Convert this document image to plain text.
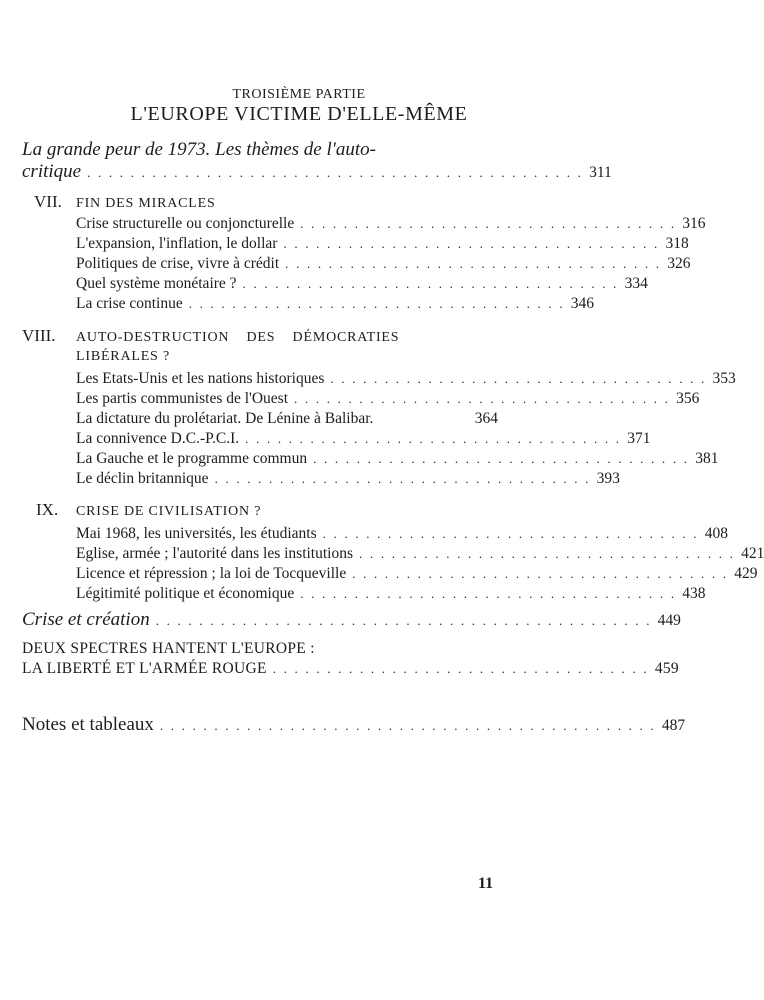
TROISIÈME PARTIE
L'EUROPE VICTIME D'ELLE-MÊME
La grande peur de 1973. Les thèmes de l'auto-
critique . . . . . . . . . . . . . . . . . . . . . . . . . . . . . . . . . . . . . . . . . . . . . . 311
VII. FIN DES MIRACLES
Crise structurelle ou conjoncturelle . . . . . . . . . . . . . . . . . . . . . . . . . . . . . . . . . . . 316
L'expansion, l'inflation, le dollar . . . . . . . . . . . . . . . . . . . . . . . . . . . . . . . . . . . 318
Politiques de crise, vivre à crédit . . . . . . . . . . . . . . . . . . . . . . . . . . . . . . . . . . . 326
Quel système monétaire ? . . . . . . . . . . . . . . . . . . . . . . . . . . . . . . . . . . . 334
La crise continue . . . . . . . . . . . . . . . . . . . . . . . . . . . . . . . . . . . 346
VIII. AUTO-DESTRUCTION    DES    DÉMOCRATIES
LIBÉRALES ?
Les Etats-Unis et les nations historiques . . . . . . . . . . . . . . . . . . . . . . . . . . . . . . . . . . . 353
Les partis communistes de l'Ouest . . . . . . . . . . . . . . . . . . . . . . . . . . . . . . . . . . . 356
La dictature du prolétariat. De Lénine à Balibar.	364
La connivence D.C.-P.C.I. . . . . . . . . . . . . . . . . . . . . . . . . . . . . . . . . . . . 371
La Gauche et le programme commun . . . . . . . . . . . . . . . . . . . . . . . . . . . . . . . . . . . 381
Le déclin britannique . . . . . . . . . . . . . . . . . . . . . . . . . . . . . . . . . . . 393
IX. CRISE DE CIVILISATION ?
Mai 1968, les universités, les étudiants . . . . . . . . . . . . . . . . . . . . . . . . . . . . . . . . . . . 408
Eglise, armée ; l'autorité dans les institutions . . . . . . . . . . . . . . . . . . . . . . . . . . . . . . . . . . . 421
Licence et répression ; la loi de Tocqueville . . . . . . . . . . . . . . . . . . . . . . . . . . . . . . . . . . . 429
Légitimité politique et économique . . . . . . . . . . . . . . . . . . . . . . . . . . . . . . . . . . . 438
Crise et création . . . . . . . . . . . . . . . . . . . . . . . . . . . . . . . . . . . . . . . . . . . . . . 449
DEUX SPECTRES HANTENT L'EUROPE :
LA LIBERTÉ ET L'ARMÉE ROUGE . . . . . . . . . . . . . . . . . . . . . . . . . . . . . . . . . . . 459
Notes et tableaux . . . . . . . . . . . . . . . . . . . . . . . . . . . . . . . . . . . . . . . . . . . . . . 487
11
